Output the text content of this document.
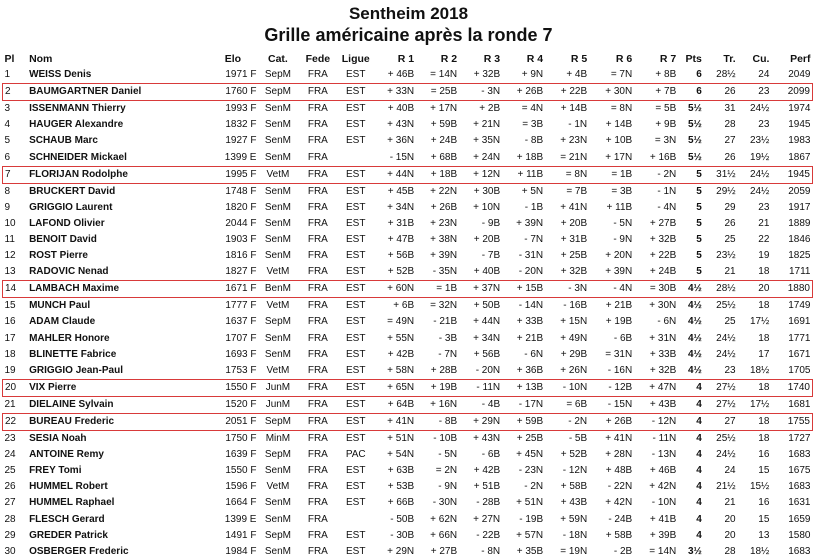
Sentheim 2018
Grille américaine après la ronde 7
Pl	Nom	Elo	Cat.	Fede	Ligue	R 1	R 2	R 3	R 4	R 5	R 6	R 7	Pts	Tr.	Cu.	Perf
1	WEISS Denis	1971 F	SepM	FRA	EST	+ 46B	= 14N	+ 32B	+ 9N	+ 4B	= 7N	+ 8B	6	28½	24	2049
2	BAUMGARTNER Daniel	1760 F	SepM	FRA	EST	+ 33N	= 25B	- 3N	+ 26B	+ 22B	+ 30N	+ 7B	6	26	23	2099
3	ISSENMANN Thierry	1993 F	SenM	FRA	EST	+ 40B	+ 17N	+ 2B	= 4N	+ 14B	= 8N	= 5B	5½	31	24½	1974
4	HAUGER Alexandre	1832 F	SenM	FRA	EST	+ 43N	+ 59B	+ 21N	= 3B	- 1N	+ 14B	+ 9B	5½	28	23	1945
5	SCHAUB Marc	1927 F	SenM	FRA	EST	+ 36N	+ 24B	+ 35N	- 8B	+ 23N	+ 10B	= 3N	5½	27	23½	1983
6	SCHNEIDER Mickael	1399 E	SenM	FRA		- 15N	+ 68B	+ 24N	+ 18B	= 21N	+ 17N	+ 16B	5½	26	19½	1867
7	FLORIJAN Rodolphe	1995 F	VetM	FRA	EST	+ 44N	+ 18B	+ 12N	+ 11B	= 8N	= 1B	- 2N	5	31½	24½	1945
8	BRUCKERT David	1748 F	SenM	FRA	EST	+ 45B	+ 22N	+ 30B	+ 5N	= 7B	= 3B	- 1N	5	29½	24½	2059
9	GRIGGIO Laurent	1820 F	SenM	FRA	EST	+ 34N	+ 26B	+ 10N	- 1B	+ 41N	+ 11B	- 4N	5	29	23	1917
10	LAFOND Olivier	2044 F	SenM	FRA	EST	+ 31B	+ 23N	- 9B	+ 39N	+ 20B	- 5N	+ 27B	5	26	21	1889
11	BENOIT David	1903 F	SenM	FRA	EST	+ 47B	+ 38N	+ 20B	- 7N	+ 31B	- 9N	+ 32B	5	25	22	1846
12	ROST Pierre	1816 F	SenM	FRA	EST	+ 56B	+ 39N	- 7B	- 31N	+ 25B	+ 20N	+ 22B	5	23½	19	1825
13	RADOVIC Nenad	1827 F	VetM	FRA	EST	+ 52B	- 35N	+ 40B	- 20N	+ 32B	+ 39N	+ 24B	5	21	18	1711
14	LAMBACH Maxime	1671 F	BenM	FRA	EST	+ 60N	= 1B	+ 37N	+ 15B	- 3N	- 4N	= 30B	4½	28½	20	1880
15	MUNCH Paul	1777 F	VetM	FRA	EST	+ 6B	= 32N	+ 50B	- 14N	- 16B	+ 21B	+ 30N	4½	25½	18	1749
16	ADAM Claude	1637 F	SepM	FRA	EST	= 49N	- 21B	+ 44N	+ 33B	+ 15N	+ 19B	- 6N	4½	25	17½	1691
17	MAHLER Honore	1707 F	SenM	FRA	EST	+ 55N	- 3B	+ 34N	+ 21B	+ 49N	- 6B	+ 31N	4½	24½	18	1771
18	BLINETTE Fabrice	1693 F	SenM	FRA	EST	+ 42B	- 7N	+ 56B	- 6N	+ 29B	= 31N	+ 33B	4½	24½	17	1671
19	GRIGGIO Jean-Paul	1753 F	VetM	FRA	EST	+ 58N	+ 28B	- 20N	+ 36B	+ 26N	- 16N	+ 32B	4½	23	18½	1705
20	VIX Pierre	1550 F	JunM	FRA	EST	+ 65N	+ 19B	- 11N	+ 13B	- 10N	- 12B	+ 47N	4	27½	18	1740
21	DIELAINE Sylvain	1520 F	JunM	FRA	EST	+ 64B	+ 16N	- 4B	- 17N	= 6B	- 15N	+ 43B	4	27½	17½	1681
22	BUREAU Frederic	2051 F	SepM	FRA	EST	+ 41N	- 8B	+ 29N	+ 59B	- 2N	+ 26B	- 12N	4	27	18	1755
23	SESIA Noah	1750 F	MinM	FRA	EST	+ 51N	- 10B	+ 43N	+ 25B	- 5B	+ 41N	- 11N	4	25½	18	1727
24	ANTOINE Remy	1639 F	SepM	FRA	PAC	+ 54N	- 5N	- 6B	+ 45N	+ 52B	+ 28N	- 13N	4	24½	16	1683
25	FREY Tomi	1550 F	SenM	FRA	EST	+ 63B	= 2N	+ 42B	- 23N	- 12N	+ 48B	+ 46B	4	24	15	1675
26	HUMMEL Robert	1596 F	VetM	FRA	EST	+ 53B	- 9N	+ 51B	- 2N	+ 58B	- 22N	+ 42N	4	21½	15½	1683
27	HUMMEL Raphael	1664 F	SenM	FRA	EST	+ 66B	- 30N	- 28B	+ 51N	+ 43B	+ 42N	- 10N	4	21	16	1631
28	FLESCH Gerard	1399 E	SenM	FRA		- 50B	+ 62N	+ 27N	- 19B	+ 59N	- 24B	+ 41B	4	20	15	1659
29	GREDER Patrick	1491 F	SepM	FRA	EST	- 30B	+ 66N	- 22B	+ 57N	- 18N	+ 58B	+ 39B	4	20	13	1580
30	OSBERGER Frederic	1984 F	SenM	FRA	EST	+ 29N	+ 27B	- 8N	+ 35B	= 19N	- 2B	= 14N	3½	28	18½	1683
